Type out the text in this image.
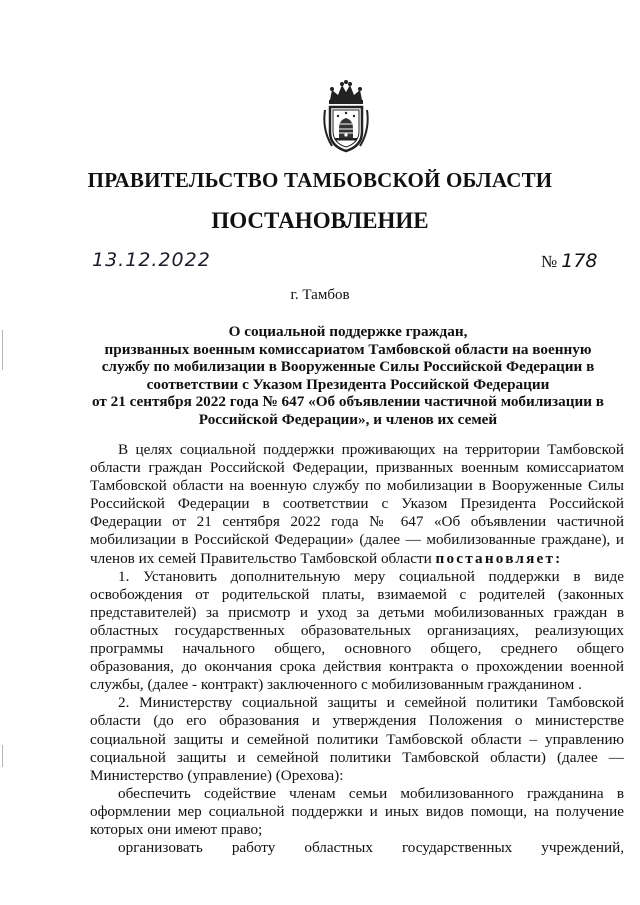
ПРАВИТЕЛЬСТВО ТАМБОВСКОЙ ОБЛАСТИ
ПОСТАНОВЛЕНИЕ
13.12.2022	№ 178
г. Тамбов
О социальной поддержке граждан,
призванных военным комиссариатом Тамбовской области на военную
службу по мобилизации в Вооруженные Силы Российской Федерации в
соответствии с Указом Президента Российской Федерации
от 21 сентября 2022 года № 647 «Об объявлении частичной мобилизации в
Российской Федерации», и членов их семей
В целях социальной поддержки проживающих на территории Тамбовской
области граждан Российской Федерации, призванных военным комиссариатом
Тамбовской области на военную службу по мобилизации в Вооруженные Силы
Российской Федерации в соответствии с Указом Президента Российской
Федерации от 21 сентября 2022 года № 647 «Об объявлении частичной
мобилизации в Российской Федерации» (далее — мобилизованные граждане), и
членов их семей Правительство Тамбовской области постановляет:
1. Установить дополнительную меру социальной поддержки в виде
освобождения от родительской платы, взимаемой с родителей (законных
представителей) за присмотр и уход за детьми мобилизованных граждан в
областных государственных образовательных организациях, реализующих
программы начального общего, основного общего, среднего общего
образования, до окончания срока действия контракта о прохождении военной
службы, (далее - контракт) заключенного с мобилизованным гражданином .
2. Министерству социальной защиты и семейной политики Тамбовской
области (до его образования и утверждения Положения о министерстве
социальной защиты и семейной политики Тамбовской области – управлению
социальной защиты и семейной политики Тамбовской области) (далее —
Министерство (управление) (Орехова):
обеспечить содействие членам семьи мобилизованного гражданина в
оформлении мер социальной поддержки и иных видов помощи, на получение
которых они имеют право;
организовать работу областных государственных учреждений,
